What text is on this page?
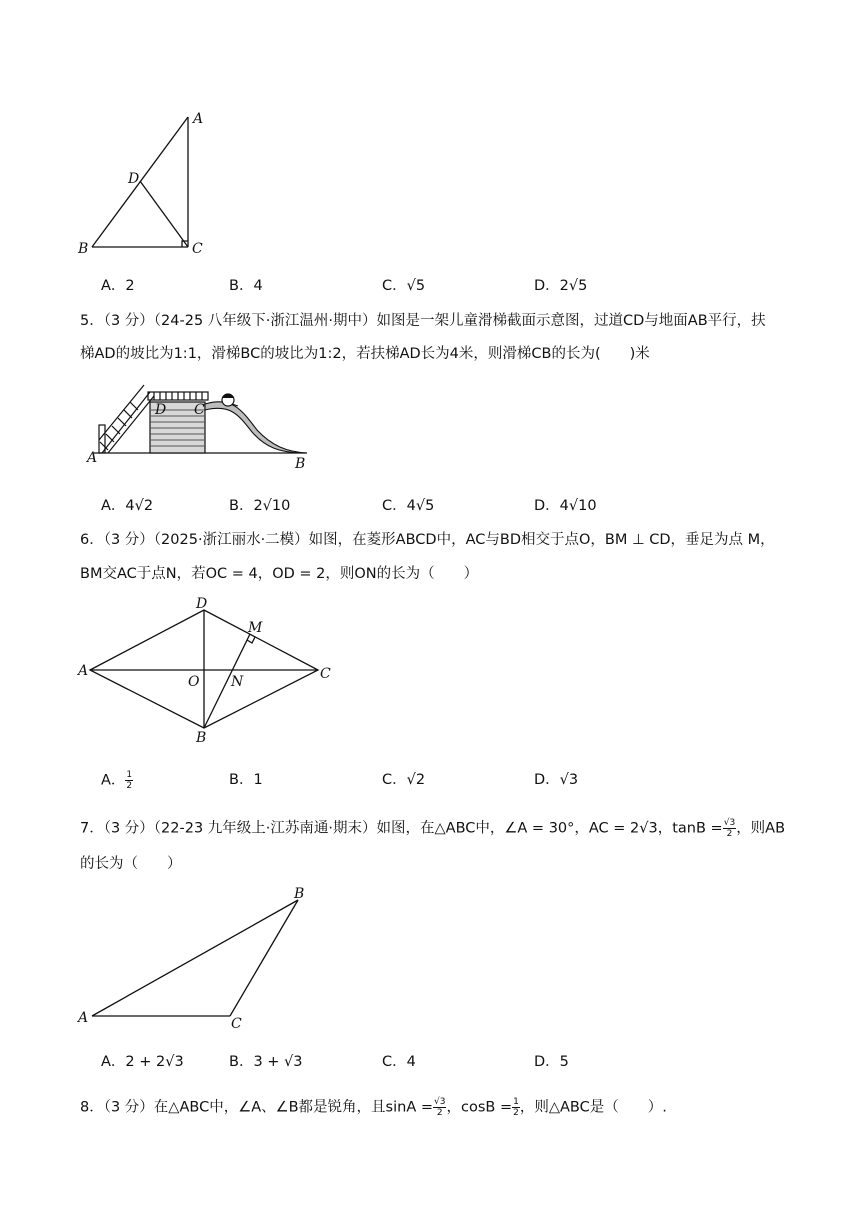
A
D
B	C
A．2	B．4	C．√5	D．2√5
5．（3 分）（24-25 八年级下·浙江温州·期中）如图是一架儿童滑梯截面示意图，过道CD与地面AB平行，扶
梯AD的坡比为1:1，滑梯BC的坡比为1:2，若扶梯AD长为4米，则滑梯CB的长为(　　)米
D C
A	B
A．4√2	B．2√10	C．4√5	D．4√10
6．（3 分）（2025·浙江丽水·二模）如图，在菱形ABCD中，AC与BD相交于点O，BM ⊥ CD，垂足为点 M，
BM交AC于点N，若OC = 4，OD = 2，则ON的长为（　　）
D
M
A	C
O N
B
A． $\frac{1}{2}$	B．1	C．√2	D．√3
7．（3 分）（22-23 九年级上·江苏南通·期末）如图，在△ABC中，∠A = 30°，AC = 2√3，$\tan B = \frac{√3}{2}$ ，则AB
的长为（　　）
B
A	C
A．2 + 2√3	B．3 + √3	C．4	D．5
8．（3 分）在△ABC中，∠A、∠B都是锐角，且$\sin A = \frac{√3}{2}$ ，$\cos B = \frac{1}{2}$ ，则△ABC是（　　）.
